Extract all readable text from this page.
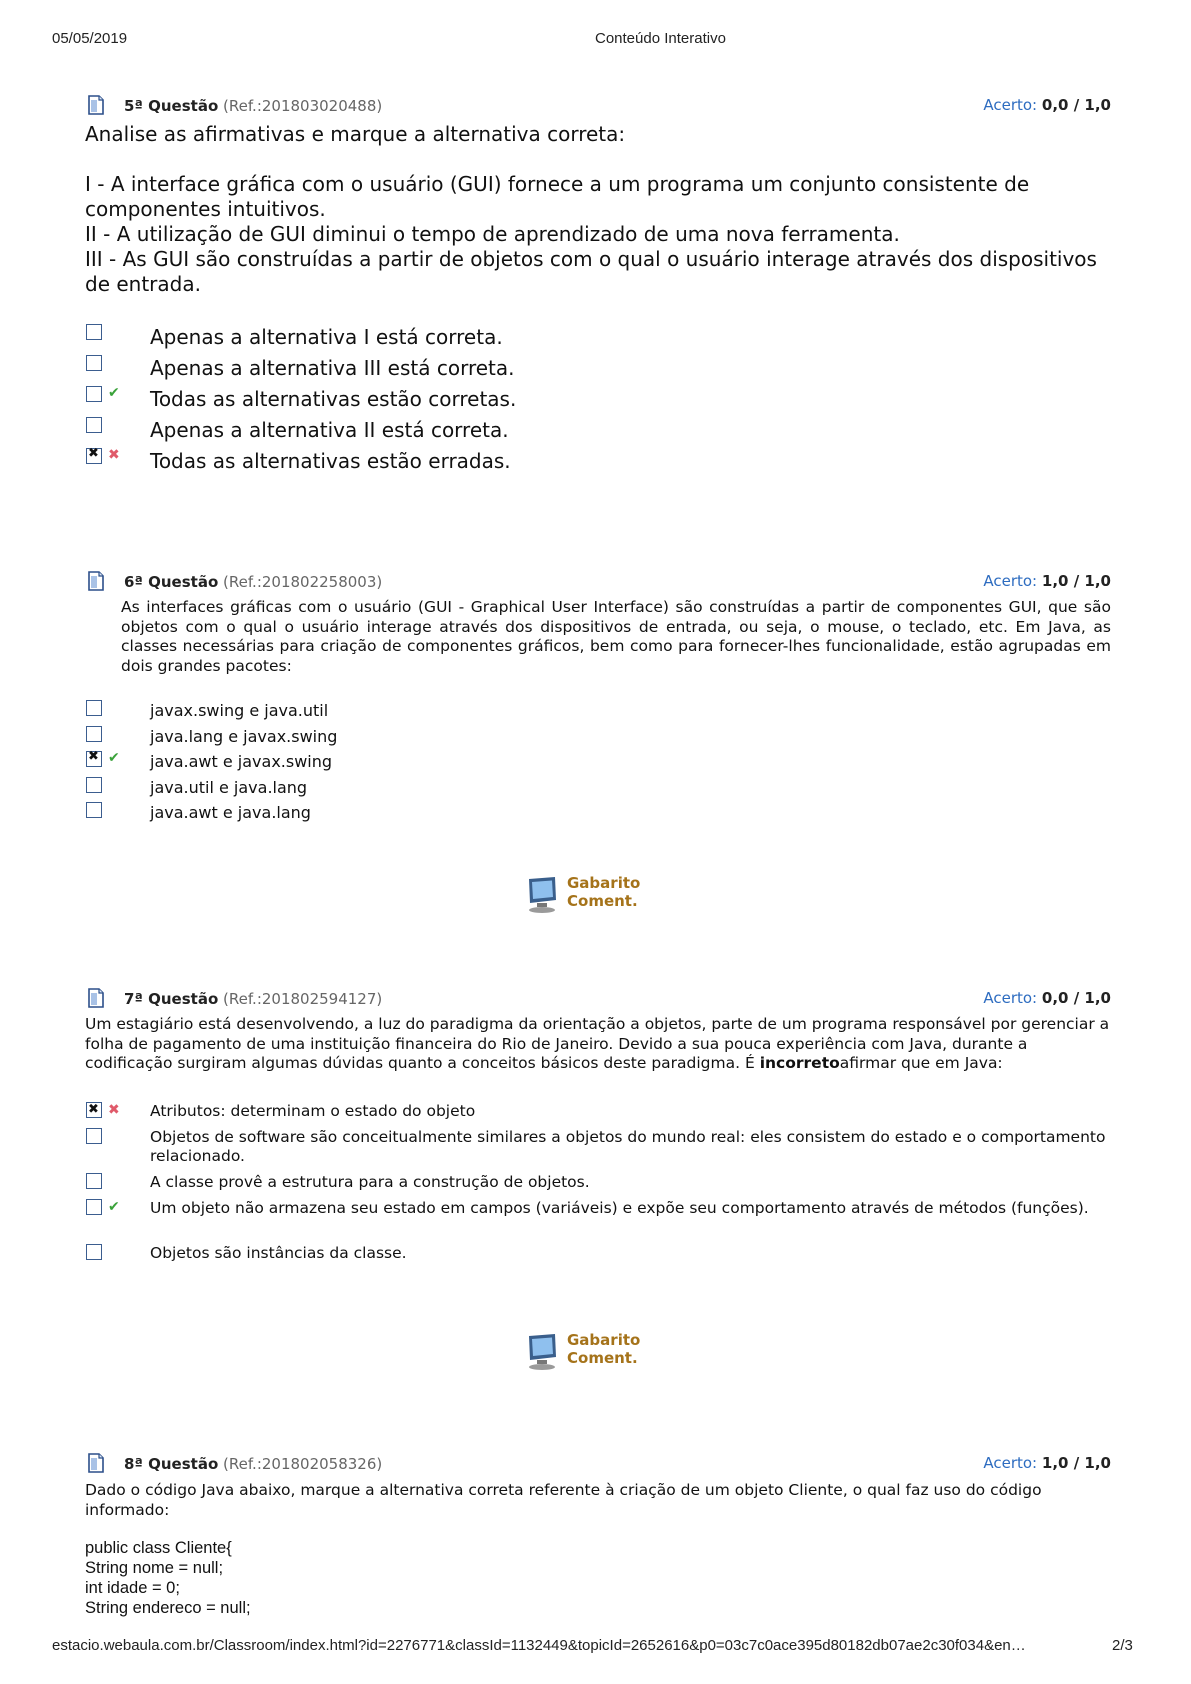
05/05/2019	Conteúdo Interativo
5ª Questão (Ref.:201803020488)	Acerto: 0,0 / 1,0

Analise as afirmativas e marque a alternativa correta:

I - A interface gráfica com o usuário (GUI) fornece a um programa um conjunto consistente de componentes intuitivos.

II - A utilização de GUI diminui o tempo de aprendizado de uma nova ferramenta.

III - As GUI são construídas a partir de objetos com o qual o usuário interage através dos dispositivos de entrada.

Apenas a alternativa I está correta.
Apenas a alternativa III está correta.
✔ Todas as alternativas estão corretas.
Apenas a alternativa II está correta.
✖
✖ Todas as alternativas estão erradas.
6ª Questão (Ref.:201802258003)	Acerto: 1,0 / 1,0

As interfaces gráficas com o usuário (GUI - Graphical User Interface) são construídas a partir de componentes GUI, que são objetos com o qual o usuário interage através dos dispositivos de entrada, ou seja, o mouse, o teclado, etc. Em Java, as classes necessárias para criação de componentes gráficos, bem como para fornecer-lhes funcionalidade, estão agrupadas em dois grandes pacotes:

javax.swing e java.util
java.lang e javax.swing
✖
✔ java.awt e javax.swing
java.util e java.lang
java.awt e java.lang
Gabarito
Coment.
7ª Questão (Ref.:201802594127)	Acerto: 0,0 / 1,0

Um estagiário está desenvolvendo, a luz do paradigma da orientação a objetos, parte de um programa responsável por gerenciar a folha de pagamento de uma instituição financeira do Rio de Janeiro. Devido a sua pouca experiência com Java, durante a codificação surgiram algumas dúvidas quanto a conceitos básicos deste paradigma. É incorretoafirmar que em Java:

✖
✖ Atributos: determinam o estado do objeto
Objetos de software são conceitualmente similares a objetos do mundo real: eles consistem do estado e o comportamento relacionado.
A classe provê a estrutura para a construção de objetos.
✔ Um objeto não armazena seu estado em campos (variáveis) e expõe seu comportamento através de métodos (funções).
Objetos são instâncias da classe.
Gabarito
Coment.
8ª Questão (Ref.:201802058326)	Acerto: 1,0 / 1,0

Dado o código Java abaixo, marque a alternativa correta referente à criação de um objeto Cliente, o qual faz uso do código informado:

public class Cliente{

String nome = null;

int idade = 0;

String endereco = null;

estacio.webaula.com.br/Classroom/index.html?id=2276771&classId=1132449&topicId=2652616&p0=03c7c0ace395d80182db07ae2c30f034&en…	2/3
